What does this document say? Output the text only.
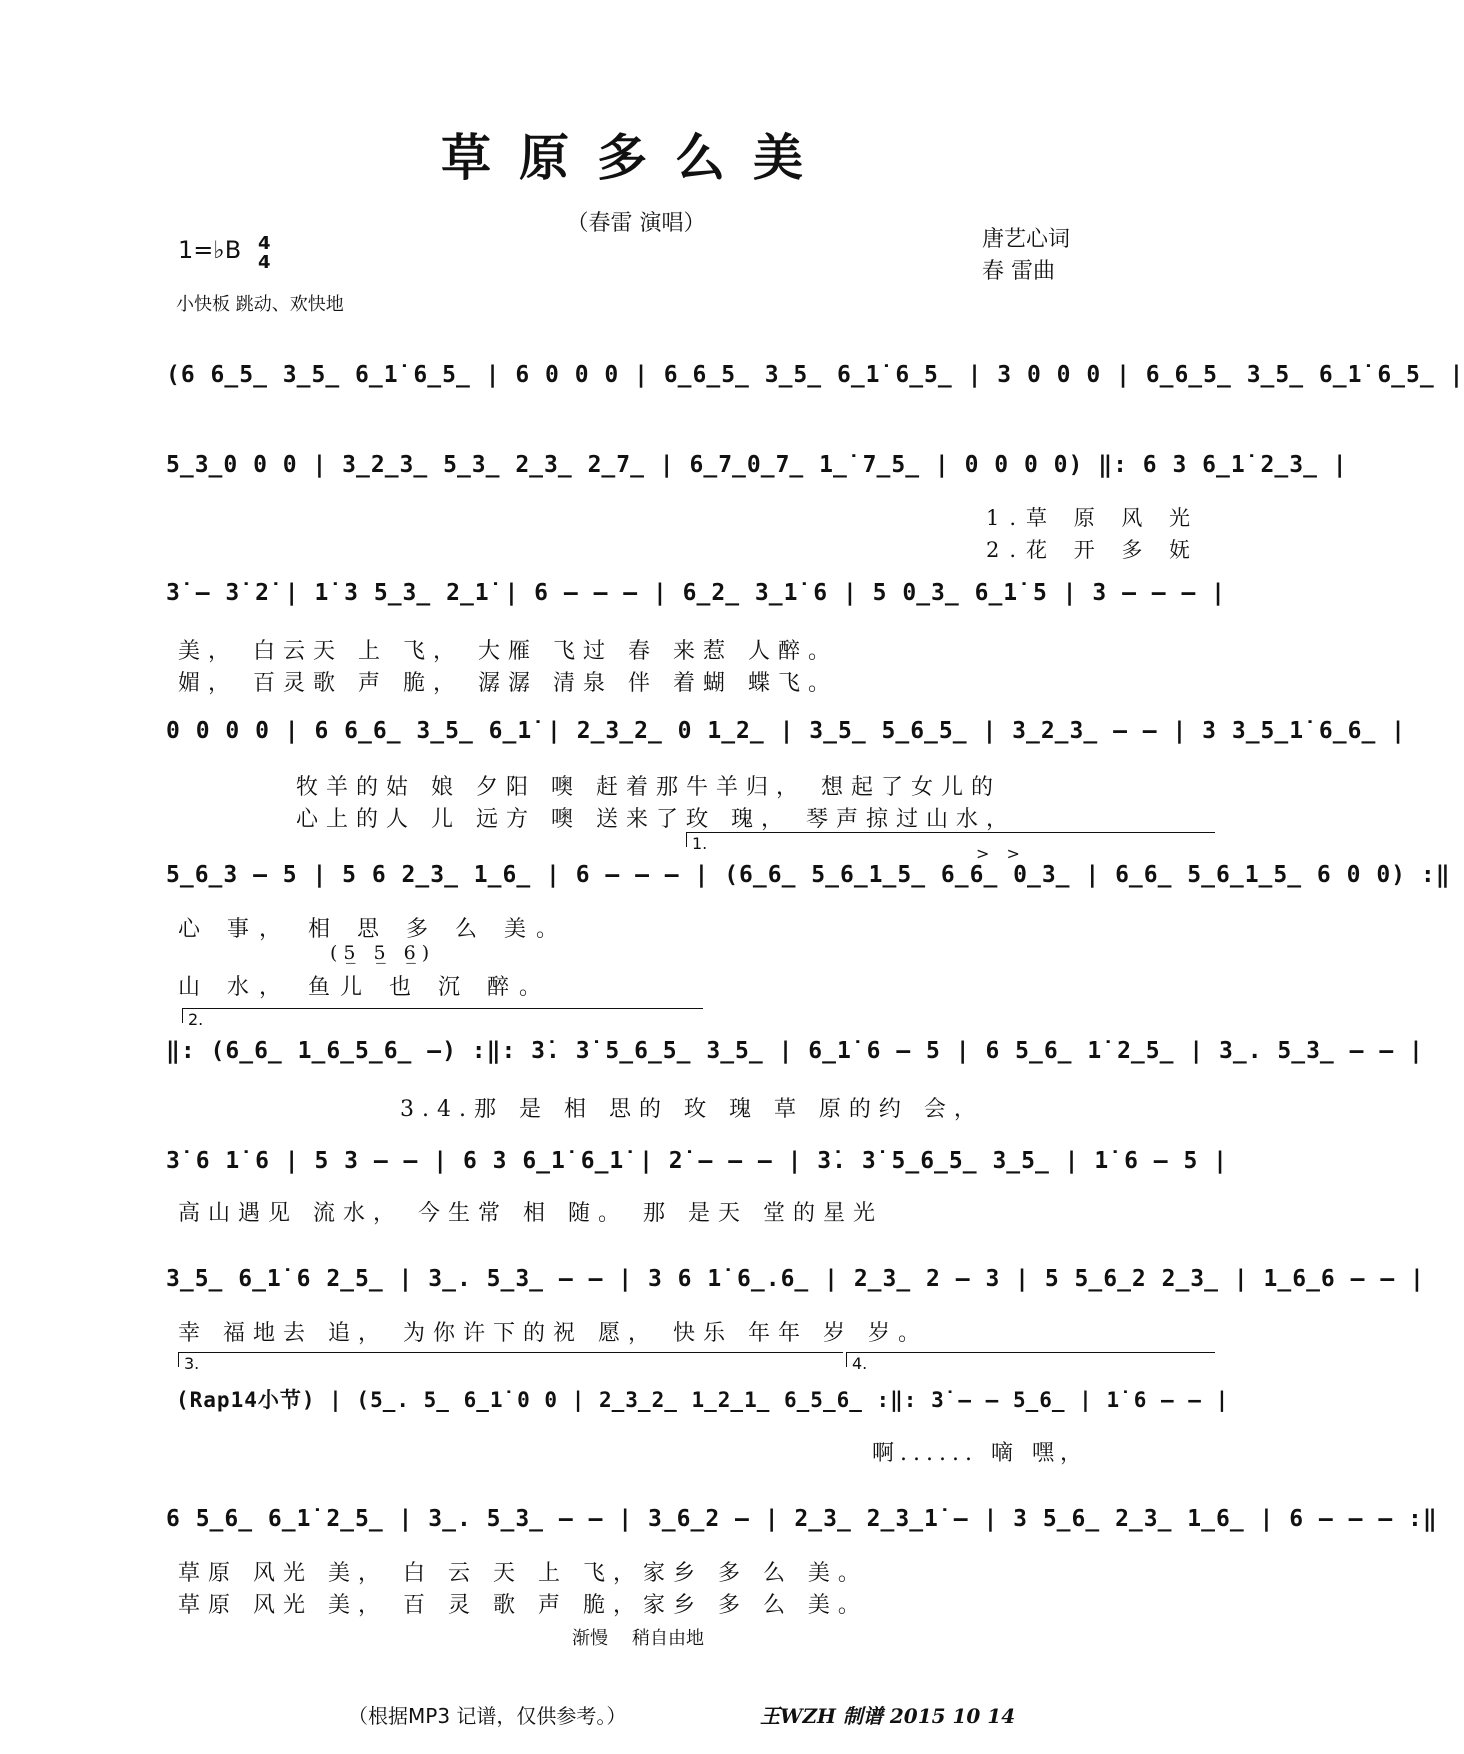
草原多么美
（春雷 演唱）
1=♭B 4
4
小快板 跳动、欢快地
唐艺心词
春 雷曲
(6 6̲5̲ 3̲5̲ 6̲1̇ 6̲5̲ | 6 0 0 0 | 6̲6̲5̲ 3̲5̲ 6̲1̇ 6̲5̲ | 3 0 0 0 | 6̲6̲5̲ 3̲5̲ 6̲1̇ 6̲5̲ |
5̲3̲0 0 0 | 3̲2̲3̲ 5̲3̲ 2̲3̲ 2̲7̲ | 6̲7̲0̲7̲ 1̲̇ 7̲5̲ | 0 0 0 0) ‖: 6 3 6̲1̇ 2̲3̲ |
1.草 原 风 光
2.花 开 多 妩
3̇ – 3̇ 2̇ | 1̇ 3 5̲3̲ 2̲1̇ | 6 – – – | 6̲2̲ 3̲1̇ 6 | 5 0̲3̲ 6̲1̇ 5 | 3 – – – |
美， 白云天 上 飞， 大雁 飞过 春 来惹 人醉。
媚， 百灵歌 声 脆， 潺潺 清泉 伴 着蝴 蝶飞。
0 0 0 0 | 6 6̲6̲ 3̲5̲ 6̲1̇ | 2̲3̲2̲ 0 1̲2̲ | 3̲5̲ 5̲6̲5̲ | 3̲2̲3̲ – – | 3 3̲5̲1̇ 6̲6̲ |
牧羊的姑 娘 夕阳 噢 赶着那牛羊归， 想起了女儿的
心上的人 儿 远方 噢 送来了玫 瑰， 琴声掠过山水，
1.
> >
5̲6̲3 – 5 | 5 6 2̲3̲ 1̲6̲ | 6 – – – | (6̲6̲ 5̲6̲1̲5̲ 6̲6̲ 0̲3̲ | 6̲6̲ 5̲6̲1̲5̲ 6 0 0) :‖
心 事， 相 思 多 么 美。
(5̲ 5̲ 6̲)
山 水， 鱼儿 也 沉 醉。
2.
‖: (6̲6̲ 1̲6̲5̲6̲ –) :‖: 3̇. 3̇ 5̲6̲5̲ 3̲5̲ | 6̲1̇ 6 – 5 | 6 5̲6̲ 1̇ 2̲5̲ | 3̲. 5̲3̲ – – |
3.4.那 是 相 思的 玫 瑰 草 原的约 会，
3̇ 6 1̇ 6 | 5 3 – – | 6 3 6̲1̇ 6̲1̇ | 2̇ – – – | 3̇. 3̇ 5̲6̲5̲ 3̲5̲ | 1̇ 6 – 5 |
高山遇见 流水， 今生常 相 随。 那 是天 堂的星光
3̲5̲ 6̲1̇ 6 2̲5̲ | 3̲. 5̲3̲ – – | 3 6 1̇ 6̲.6̲ | 2̲3̲ 2 – 3 | 5 5̲6̲2 2̲3̲ | 1̲6̲6 – – |
幸 福地去 追， 为你许下的祝 愿， 快乐 年年 岁 岁。
3.	4.
(Rap14小节) | (5̲. 5̲ 6̲1̇ 0 0 | 2̲3̲2̲ 1̲2̲1̲ 6̲5̲6̲ :‖: 3̇ – – 5̲6̲ | 1̇ 6 – – |
啊...... 嘀 嘿，
6 5̲6̲ 6̲1̇ 2̲5̲ | 3̲. 5̲3̲ – – | 3̲6̲2 – | 2̲3̲ 2̲3̲1̇ – | 3 5̲6̲ 2̲3̲ 1̲6̲ | 6 – – – :‖
草原 风光 美， 白 云 天 上 飞，家乡 多 么 美。
草原 风光 美， 百 灵 歌 声 脆，家乡 多 么 美。
渐慢 稍自由地
（根据MP3 记谱，仅供参考。）	王WZH 制谱 2015 10 14
